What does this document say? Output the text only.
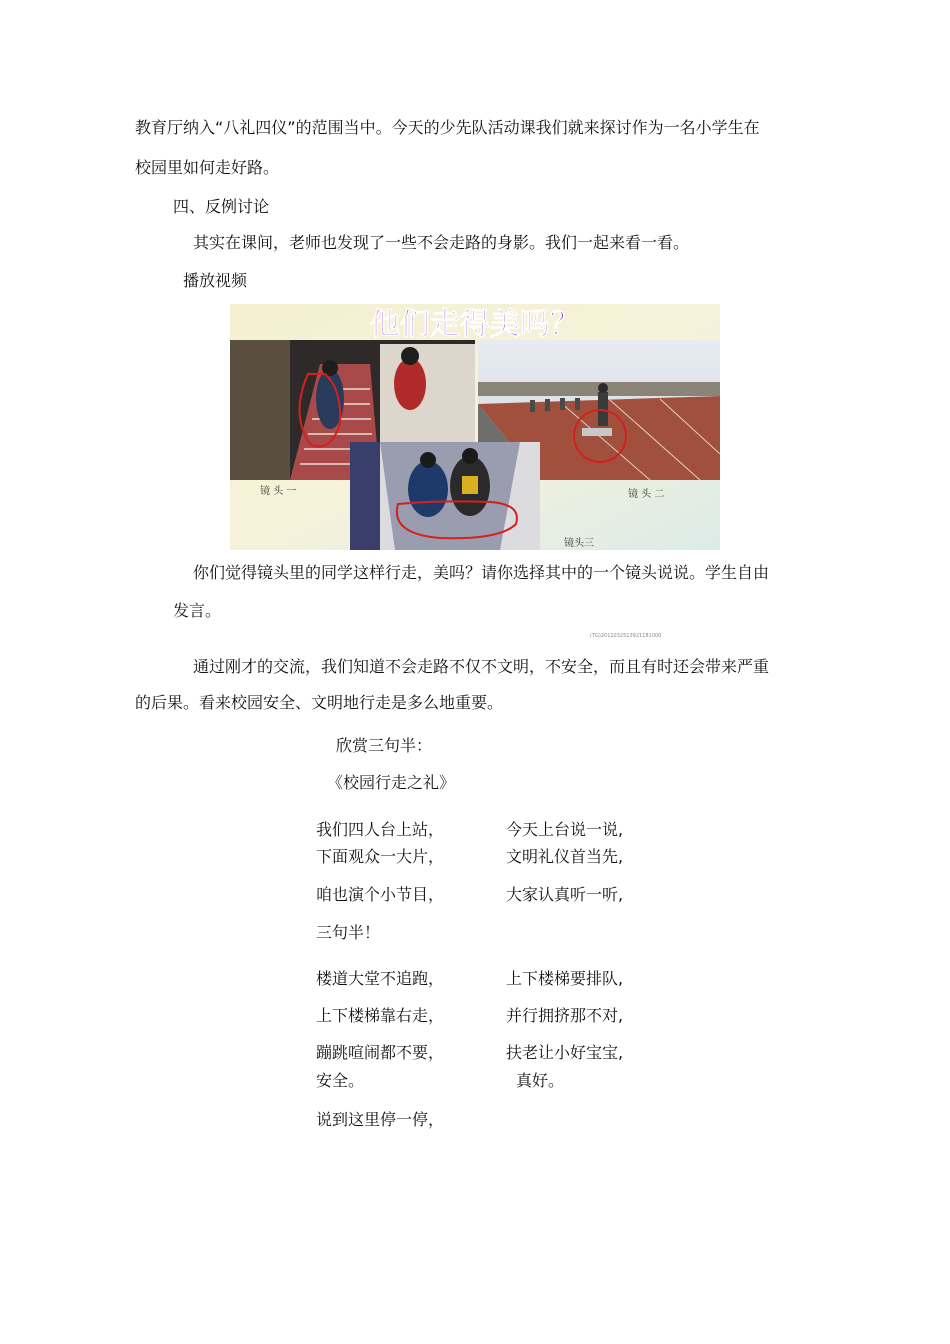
教育厅纳入“八礼四仪”的范围当中。今天的少先队活动课我们就来探讨作为一名小学生在
校园里如何走好路。
四、反例讨论
其实在课间，老师也发现了一些不会走路的身影。我们一起来看一看。
播放视频
他们走得美吗？
镜 头 一	镜 头 二
镜头三
你们觉得镜头里的同学这样行走，美吗？请你选择其中的一个镜头说说。学生自由
发言。
(TG)2011032513921181000
通过刚才的交流，我们知道不会走路不仅不文明，不安全，而且有时还会带来严重
的后果。看来校园安全、文明地行走是多么地重要。
欣赏三句半：
《校园行走之礼》
我们四人台上站，
下面观众一大片，
咱也演个小节目，
三句半！
楼道大堂不追跑，
上下楼梯靠右走，
蹦跳喧闹都不要，
安全。
说到这里停一停，
今天上台说一说,
文明礼仪首当先,
大家认真听一听,
上下楼梯要排队,
并行拥挤那不对,
扶老让小好宝宝,
真好。
